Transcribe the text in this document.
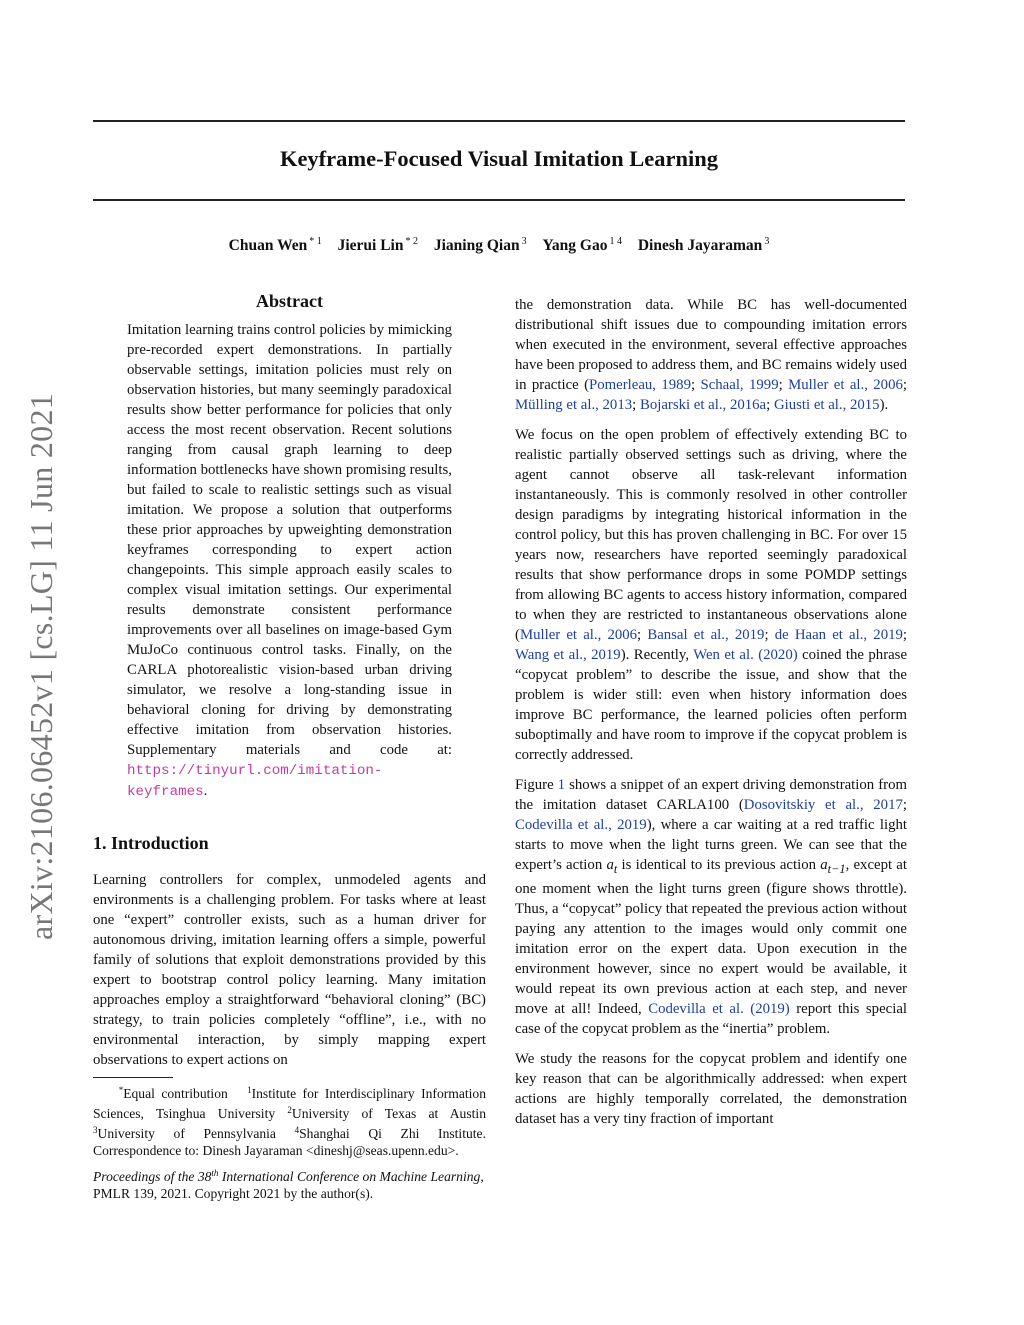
Keyframe-Focused Visual Imitation Learning
Chuan Wen $^{* 1}$ Jierui Lin $^{* 2}$ Jianing Qian $^3$ Yang Gao $^{1 4}$ Dinesh Jayaraman $^3$
arXiv:2106.06452v1 [cs.LG] 11 Jun 2021
Abstract

Imitation learning trains control policies by mimicking pre-recorded expert demonstrations. In partially observable settings, imitation policies must rely on observation histories, but many seemingly paradoxical results show better performance for policies that only access the most recent observation. Recent solutions ranging from causal graph learning to deep information bottlenecks have shown promising results, but failed to scale to realistic settings such as visual imitation. We propose a solution that outperforms these prior approaches by upweighting demonstration keyframes corresponding to expert action changepoints. This simple approach easily scales to complex visual imitation settings. Our experimental results demonstrate consistent performance improvements over all baselines on image-based Gym MuJoCo continuous control tasks. Finally, on the CARLA photorealistic vision-based urban driving simulator, we resolve a long-standing issue in behavioral cloning for driving by demonstrating effective imitation from observation histories. Supplementary materials and code at: https://tinyurl.com/imitation-keyframes.

1. Introduction

Learning controllers for complex, unmodeled agents and environments is a challenging problem. For tasks where at least one “expert” controller exists, such as a human driver for autonomous driving, imitation learning offers a simple, powerful family of solutions that exploit demonstrations provided by this expert to bootstrap control policy learning. Many imitation approaches employ a straightforward “behavioral cloning” (BC) strategy, to train policies completely “offline”, i.e., with no environmental interaction, by simply mapping expert observations to expert actions on

*Equal contribution $^1$Institute for Interdisciplinary Information Sciences, Tsinghua University $^2$University of Texas at Austin $^3$University of Pennsylvania $^4$Shanghai Qi Zhi Institute. Correspondence to: Dinesh Jayaraman <dineshj@seas.upenn.edu>.

Proceedings of the 38th International Conference on Machine Learning, PMLR 139, 2021. Copyright 2021 by the author(s).

the demonstration data. While BC has well-documented distributional shift issues due to compounding imitation errors when executed in the environment, several effective approaches have been proposed to address them, and BC remains widely used in practice (Pomerleau, 1989; Schaal, 1999; Muller et al., 2006; Mülling et al., 2013; Bojarski et al., 2016a; Giusti et al., 2015).

We focus on the open problem of effectively extending BC to realistic partially observed settings such as driving, where the agent cannot observe all task-relevant information instantaneously. This is commonly resolved in other controller design paradigms by integrating historical information in the control policy, but this has proven challenging in BC. For over 15 years now, researchers have reported seemingly paradoxical results that show performance drops in some POMDP settings from allowing BC agents to access history information, compared to when they are restricted to instantaneous observations alone (Muller et al., 2006; Bansal et al., 2019; de Haan et al., 2019; Wang et al., 2019). Recently, Wen et al. (2020) coined the phrase “copycat problem” to describe the issue, and show that the problem is wider still: even when history information does improve BC performance, the learned policies often perform suboptimally and have room to improve if the copycat problem is correctly addressed.

Figure 1 shows a snippet of an expert driving demonstration from the imitation dataset CARLA100 (Dosovitskiy et al., 2017; Codevilla et al., 2019), where a car waiting at a red traffic light starts to move when the light turns green. We can see that the expert’s action $a_t$ is identical to its previous action $a_{t-1}$, except at one moment when the light turns green (figure shows throttle). Thus, a “copycat” policy that repeated the previous action without paying any attention to the images would only commit one imitation error on the expert data. Upon execution in the environment however, since no expert would be available, it would repeat its own previous action at each step, and never move at all! Indeed, Codevilla et al. (2019) report this special case of the copycat problem as the “inertia” problem.

We study the reasons for the copycat problem and identify one key reason that can be algorithmically addressed: when expert actions are highly temporally correlated, the demonstration dataset has a very tiny fraction of important
